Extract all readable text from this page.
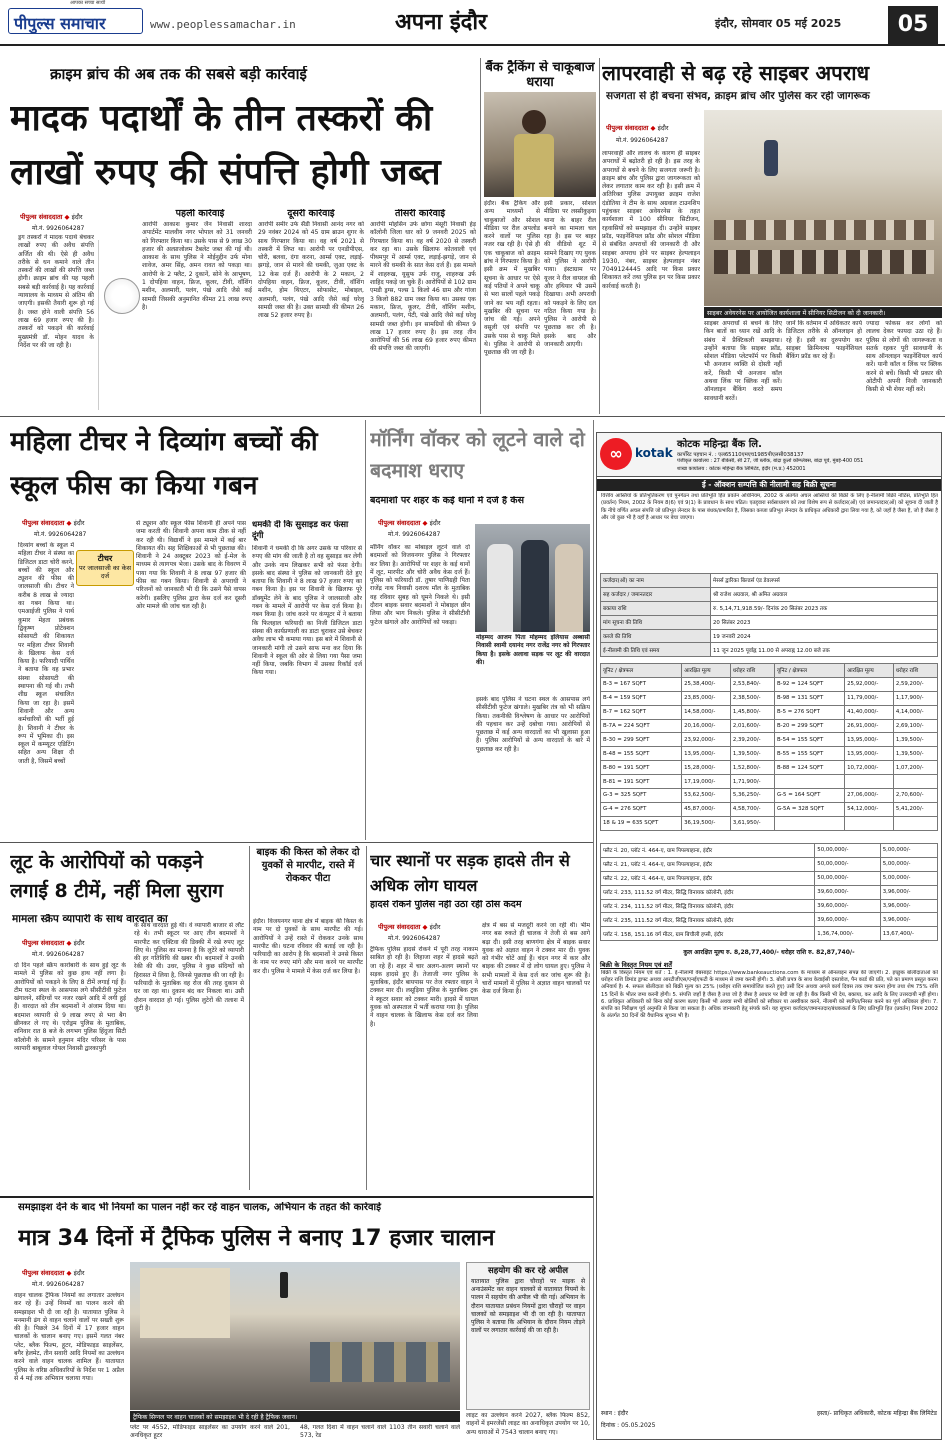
पीपुल्स समाचार
आपका सच्चा साथी
www.peoplessamachar.in	अपना इंदौर	इंदौर, सोमवार 05 मई 2025	05
क्राइम ब्रांच की अब तक की सबसे बड़ी कार्रवाई
मादक पदार्थों के तीन तस्करों की लाखों रुपए की संपत्ति होगी जब्त
पीपुल्स संवाददाता ◆ इंदौर
मो.नं. 9926064287

ड्रग तस्करों ने मादक पदार्थ बेचकर लाखों रुपए की अवैध संपत्ति अर्जित की थी। ऐसे ही अवैध तरीके से धन कमाने वाले तीन तस्करों की लाखों की संपत्ति जब्त होगी। क्राइम ब्रांच की यह पहली सबसे बड़ी कार्रवाई है। यह कार्रवाई न्यायालय के माध्यम से अंतिम की जाएगी। इसकी तैयारी शुरू हो गई है। जब्त होने वाली संपत्ति 56 लाख 69 हजार रुपए की है। तस्करों को पकड़ने की कार्रवाई मुख्यमंत्री डॉ. मोहन यादव के निर्देश पर की जा रही है।

पहली कार्रवाई

आरोपी आकाश कुमार जैन निवासी शारदा अपार्टमेंट मालवीय नगर भोपाल को 31 जनवरी को गिरफ्तार किया था। उसके पास से 9 लाख 30 हजार की अल्प्राजोलम टैबलेट जब्त की गई थी। आकाश के साथ पुलिस ने मोईनुद्दीन उर्फ मोना शावेज, अमर सिंह, अमन रावत को पकड़ा था। आरोपी के 2 फ्लैट, 2 दुकानें, सोने के आभूषण, 1 दोपहिया वाहन, फ्रिज, कूलर, टीवी, वॉशिंग मशीन, अलमारी, पलंग, पंखे आदि जैसे कई सामग्री जिसकी अनुमानित कीमत 21 लाख रुपए है।

दूसरी कार्रवाई

आरोपी समीर उर्फ सैंडी निवासी आनंद नगर को 29 नवंबर 2024 को 45 ग्राम ब्राउन शुगर के साथ गिरफ्तार किया था। वह वर्ष 2021 से तस्करी में लिप्त था। आरोपी पर एनडीपीएस, चोरी, बलवा, दंगा करना, आर्म्स एक्ट, लड़ाई-झगड़े, जान से मारने की धमकी, जुआ एक्ट के 12 केस दर्ज हैं। आरोपी के 2 मकान, 2 दोपहिया वाहन, फ्रिज, कूलर, टीवी, वॉशिंग मशीन, होम थिएटर, सोफासेट, मोबाइल, अलमारी, पलंग, पंखे आदि जैसे कई घरेलू सामग्री जब्त की है। उक्त सामग्री की कीमत 26 लाख 52 हजार रुपए है।

तीसरी कार्रवाई

आरोपी मोहसिन उर्फ छोगा मंसूरी निवासी हेड़ कॉलोनी जिला धार को 9 जनवरी 2025 को गिरफ्तार किया था। वह वर्ष 2020 से तस्करी कर रहा था। उसके खिलाफ कोतवाली एवं पीथमपुर में आर्म्स एक्ट, लड़ाई-झगड़े, जान से मारने की धमकी के सात केस दर्ज हैं। इस मामले में शाहरुख, यूसुफ उर्फ राजू, शाहरुख उर्फ शाहिद पकड़े जा चुके हैं। आरोपियों से 102 ग्राम एमडी ड्रग्स, पल्स 1 किलो 46 ग्राम और गांजा 3 किलो 882 ग्राम जब्त किया था। उसका एक मकान, फ्रिज, कूलर, टीवी, वॉशिंग मशीन, अलमारी, पलंग, पेटी, पंखे आदि जैसे कई घरेलू सामग्री जब्त होगी। इन सामग्रियों की कीमत 9 लाख 17 हजार रुपए है। इस तरह तीन आरोपियों की 56 लाख 69 हजार रुपए कीमत की संपत्ति जब्त की जाएगी।

बैंक ट्रैकिंग से चाकूबाज धराया

इंदौर। बैंक ट्रैकिंग और अन्य माध्यमों से चाकूबाजों और सोशल मीडिया पर रील अपलोड करने वालों पर पुलिस नजर रख रही है। ऐसे ही एक चाकूबाज को क्राइम ब्रांच ने गिरफ्तार किया है। इसी क्रम में मुखबिर सूचना के आधार पर ऐसे कई पतियों ने अपने चाकू से भरा सालों पहले पकड़े जाने का भय नहीं रहता। मुखबिर की सूचना पर जांच की गई। अपने वसूली एवं संपत्ति पर उसके पास से चाकू मिले थे। पुलिस ने आरोपी से पूछताछ की जा रही है।

इसी प्रकार, सोशल मीडिया पर लस्सीकुइया थाना के बाहर रील बनाने का मामला चल रहा है। इस पर बाहर की वीडियो शूट में सामने दिखाए गए युवक को पुलिस ने आरोपी पाया। इंस्टाग्राम पर यूजर ने रील वायरल की और हथियार भी उसमें दिखाया। अभी अपराधी को पकड़ने के लिए दल गठित किया गया है। पुलिस ने आरोपी से पूछताछ कर ली है। इसके बाद और जानकारी आएगी।

लापरवाही से बढ़ रहे साइबर अपराध
सजगता से ही बचना संभव, क्राइम ब्रांच और पुलिस कर रही जागरूक
पीपुल्स संवाददाता ◆ इंदौर
मो.नं. 9926064287

लापरवाही और लालच के कारण ही साइबर अपराधों में बढ़ोतरी हो रही है। इस तरह के अपराधों से बचने के लिए सजगता जरूरी है। क्राइम ब्रांच और पुलिस द्वारा जागरूकता को लेकर लगातार काम कर रही है। इसी क्रम में अतिरिक्त पुलिस उपायुक्त क्राइम राजेश दंडोतिया ने टीम के साथ अग्रवाल टाउनशिप पहुंचकर साइबर अवेयरनेस के तहत कार्यशाला में 100 सीनियर सिटीजन, रहवासियों को समझाइश दी। उन्होंने साइबर फ्रॉड, फाइनेंशियल फ्रॉड और सोशल मीडिया से संबंधित अपराधों की जानकारी दी और साइबर अपराध होने पर साइबर हेल्पलाइन 1930, नंबर, साइबर हेल्पलाइन नंबर 7049124445 आदि पर किस प्रकार शिकायत करें तथा पुलिस इन पर किस प्रकार कार्रवाई करती है।

साइबर अवेयरनेस पर आयोजित कार्यशाला में सीनियर सिटीजन को दी जानकारी।

साइबर अपराधों से बचने के लिए किन बातों का ध्यान रखें आदि के संबंध में प्रैक्टिकली समझाया। उन्होंने बताया कि साइबर फ्रॉड, सोशल मीडिया प्लेटफॉर्म पर किसी भी अनजान व्यक्ति से दोस्ती नहीं करें, किसी भी अनजान कॉल अथवा लिंक पर क्लिक नहीं करें। ऑनलाइन बैंकिंग करते समय सावधानी बरतें।

जानें कि वर्तमान में अधिकतर कार्य डिजिटल तरीके से ऑनलाइन हो रहे हैं। इसी का दुरुपयोग कर साइबर क्रिमिनल्स फाइनेंशियल बैंकिंग फ्रॉड कर रहे हैं।

ज्यादा फोकस कर लोगों को लालच देकर फायदा उठा रहे हैं। पुलिस से लोगों की जागरूकता व सतर्क रहकर पूरी सावधानी के साथ ऑनलाइन फाइनेंशियल कार्य करें। यानी कॉल व लिंक पर क्लिक करने से बचें। किसी भी प्रकार की ओटीपी अपनी निजी जानकारी किसी से भी शेयर नहीं करें।

महिला टीचर ने दिव्यांग बच्चों की स्कूल फीस का किया गबन
पीपुल्स संवाददाता ◆ इंदौर
मो.नं. 9926064287
टीचर
पर जालसाजी का केस दर्ज

दिव्यांग बच्चों के स्कूल में महिला टीचर ने संस्था का डिजिटल डाटा चोरी करने, बच्चों की स्कूल और ट्यूशन की फीस की जालसाजी की। टीचर ने करीब 8 लाख से ज्यादा का गबन किया था। एमआईजी पुलिस ने पार्थ कुमार मेहता प्रबंधक द्विकृष्ण प्रोटेक्शन सोसायटी की शिकायत पर महिला टीचर शिवानी के खिलाफ केस दर्ज किया है। फरियादी पार्थिव ने बताया कि वह प्रभार संस्था सोसायटी की स्थापना की गई थी। तभी शीघ्र स्कूल संचालित किया जा रहा है। इसमें शिवानी और अन्य कर्मचारियों की भर्ती हुई है। शिवानी ने टीचर के रूप में भूमिका दी। इस स्कूल में कम्प्यूटर एडिटिंग सहित अन्य शिक्षा दी जाती है, जिसमें बच्चों

से ट्यूशन और स्कूल फीस शिवानी ही अपने पास जमा करती थी। शिवानी अपना काम ठीक से नहीं कर रही थी। विद्यार्थी ने इस मामले में कई बार शिकायत की। सह शिक्षिकाओं से भी पूछताछ की। शिवानी ने 24 अक्टूबर 2023 को ई-मेल के माध्यम से त्यागपत्र भेजा। उसके बाद के विवरण में पाया गया कि शिवानी ने 8 लाख 97 हजार की फीस का गबन किया। शिवानी से अपराधी ने परिजनों को जानकारी भी दी कि उसने पैसे वापस करेगी। इसलिए पुलिस द्वारा केस दर्ज कर दूसरी ओर मामले की जांच चल रही है।

धमकी दी कि सुसाइड कर फंसा दूंगी

शिवानी ने धमकी दी कि अगर उसके या परिवार से रुपए की मांग की जाती है तो वह सुसाइड कर लेगी और उनके नाम लिखकर सभी को फंसा देगी। इसके बाद संस्था ने पुलिस को जानकारी देते हुए बताया कि शिवानी ने 8 लाख 97 हजार रुपए का गबन किया है। इस पर शिवानी के खिलाफ पूरे डॉक्यूमेंट लेने के बाद पुलिस ने जालसाजी और गबन के मामले में आरोपी पर केस दर्ज किया है। गबन किया है। जांच करने पर कंप्यूटर में ने बताया कि फिलहाल फरियादी का निजी डिजिटल डाटा संस्था की कार्यप्रणाली का डाटा चुराकर उसे बेचकर अवैध लाभ भी कमाया गया। इस बारे में शिवानी से जानकारी मांगी तो उसने साफ मना कर दिया कि शिवानी ने स्कूल की ओर से लिया गया पैसा जमा नहीं किया, जबकि विभाग में उसका रिकॉर्ड दर्ज किया गया।

मॉर्निंग वॉकर को लूटने वाले दो बदमाश धराए
बदमाशों पर शहर के कई थानों में दर्ज है केस
पीपुल्स संवाददाता ◆ इंदौर
मो.नं. 9926064287

मॉर्निंग वॉकर का मोबाइल लूटने वाले दो बदमाशों को विजयनगर पुलिस ने गिरफ्तार कर लिया है। आरोपियों पर शहर के कई थानों में लूट, मारपीट और चोरी अवैध केस दर्ज हैं। पुलिस को फरियादी डॉ. तुषार पाणिग्रही पिता राजेंद्र नाथ निवासी दशरथ मॉल के मुताबिक वह रविवार सुबह को घूमने निकले थे। इसी दौरान बाइक सवार बदमाशों ने मोबाइल छीन लिया और भाग निकले। पुलिस ने सीसीटीवी फुटेज खंगाले और आरोपियों को पकड़ा।

मोहम्मद आजम पिता मोहम्मद इलियास अब्बासी निवासी स्वामी दयानंद नगर राजेंद्र नगर को गिरफ्तार किया है। इसके अलावा सड़क पर लूट की वारदात की।

इसके बाद पुलिस ने घटना स्थल के आसपास लगे सीसीटीवी फुटेज खंगाले। मुखबिर तंत्र को भी सक्रिय किया। तकनीकी विश्लेषण के आधार पर आरोपियों की पहचान कर उन्हें दबोचा गया। आरोपियों से पूछताछ में कई अन्य वारदातों का भी खुलासा हुआ है। पुलिस आरोपियों से अन्य वारदातों के बारे में पूछताछ कर रही है।

∞	kotak
कोटक महिन्द्रा बैंक लि.
कार्पोरेट पहचान नं. : एल65110एमएच1985पीएलसी038137
पंजीकृत कार्यालय : 27 बीकेसी, सी 27, जी ब्लॉक, बांद्रा कुर्ला कॉम्प्लेक्स, बांद्रा पूर्व, मुंबई-400 051
शाखा कार्यालय : कोटक महिन्द्रा बैंक लिमिटेड, इंदौर (म.प्र.) 452001
ई - ऑक्शन सम्पत्ति की नीलामी सह बिक्री सूचना

वित्तीय आस्तियों के प्रतिभूतिकरण एवं पुनर्गठन तथा प्रतिभूति हित प्रवर्तन अधिनियम, 2002 के अंतर्गत अचल आस्तियों की बिक्री के लिए ई-नीलामी बिक्री नोटिस, प्रतिभूति हित (प्रवर्तन) नियम, 2002 के नियम 8(6) एवं 9(1) के प्रावधान के साथ पठित। एतद्द्वारा सर्वसाधारण को तथा विशेष रूप से कर्जदार(ओं) एवं जमानतदार(ओं) को सूचना दी जाती है कि नीचे वर्णित अचल संपत्ति जो प्रतिभूत लेनदार के पास बंधक/प्रभारित है, जिसका कब्जा प्रतिभूत लेनदार के प्राधिकृत अधिकारी द्वारा लिया गया है, को जहाँ है जैसा है, जो है जैसा है और जो कुछ भी है वहाँ है आधार पर बेचा जाएगा।

कर्जदार(ओं) का नाम	मेसर्स द्वारिका बिल्डर्स एंड डेवलपर्स
सह कर्जदार / जमानतदार	श्री राजेश अग्रवाल, श्री अमित अग्रवाल
बकाया राशि	रु. 5,14,71,918.59/- दिनांक 20 सितंबर 2023 तक
मांग सूचना की तिथि	20 सितंबर 2023
कब्जे की तिथि	19 जनवरी 2024
ई-नीलामी की तिथि एवं समय	11 जून 2025 पूर्वाह्न 11.00 से अपराह्न 12.00 बजे तक
यूनिट / क्षेत्रफल	आरक्षित मूल्य	धरोहर राशि	यूनिट / क्षेत्रफल	आरक्षित मूल्य	धरोहर राशि
B-3 = 167 SQFT	25,38,400/-	2,53,840/-	B-92 = 124 SQFT	25,92,000/-	2,59,200/-
B-4 = 159 SQFT	23,85,000/-	2,38,500/-	B-98 = 131 SQFT	11,79,000/-	1,17,900/-
B-7 = 162 SQFT	14,58,000/-	1,45,800/-	B-5 = 276 SQFT	41,40,000/-	4,14,000/-
B-7A = 224 SQFT	20,16,000/-	2,01,600/-	B-20 = 299 SQFT	26,91,000/-	2,69,100/-
B-30 = 299 SQFT	23,92,000/-	2,39,200/-	B-54 = 155 SQFT	13,95,000/-	1,39,500/-
B-48 = 155 SQFT	13,95,000/-	1,39,500/-	B-55 = 155 SQFT	13,95,000/-	1,39,500/-
B-80 = 191 SQFT	15,28,000/-	1,52,800/-	B-88 = 124 SQFT	10,72,000/-	1,07,200/-
B-81 = 191 SQFT	17,19,000/-	1,71,900/-			
G-3 = 325 SQFT	53,62,500/-	5,36,250/-	G-5 = 164 SQFT	27,06,000/-	2,70,600/-
G-4 = 276 SQFT	45,87,000/-	4,58,700/-	G-5A = 328 SQFT	54,12,000/-	5,41,200/-
18 & 19 = 635 SQFT	36,19,500/-	3,61,950/-			
फ्लैट नं. 20, प्लॉट नं. 464-ए, ग्राम पिपल्याहाना, इंदौर	50,00,000/-	5,00,000/-
फ्लैट नं. 21, प्लॉट नं. 464-ए, ग्राम पिपल्याहाना, इंदौर	50,00,000/-	5,00,000/-
फ्लैट नं. 22, प्लॉट नं. 464-ए, ग्राम पिपल्याहाना, इंदौर	50,00,000/-	5,00,000/-
प्लॉट नं. 233, 111.52 वर्ग मीटर, सिद्धि विनायक कॉलोनी, इंदौर	39,60,000/-	3,96,000/-
प्लॉट नं. 234, 111.52 वर्ग मीटर, सिद्धि विनायक कॉलोनी, इंदौर	39,60,000/-	3,96,000/-
प्लॉट नं. 235, 111.52 वर्ग मीटर, सिद्धि विनायक कॉलोनी, इंदौर	39,60,000/-	3,96,000/-
प्लॉट नं. 158, 151.16 वर्ग मीटर, ग्राम बिचौली हप्सी, इंदौर	1,36,74,000/-	13,67,400/-
कुल आरक्षित मूल्य रु. 8,28,77,400/- धरोहर राशि रु. 82,87,740/-
बिक्री के विस्तृत नियम एवं शर्तें

बिक्री के विस्तृत नियम एवं शर्तें : 1. ई-नीलामी वेबसाइट https://www.bankeauctions.com के माध्यम से ऑनलाइन संपन्न की जाएगी। 2. इच्छुक बोलीदाताओं को धरोहर राशि डिमांड ड्राफ्ट अथवा आरटीजीएस/एनईएफटी के माध्यम से जमा करनी होगी। 3. बोली प्रपत्र के साथ केवाईसी दस्तावेज, पैन कार्ड की प्रति, पते का प्रमाण प्रस्तुत करना अनिवार्य है। 4. सफल बोलीदाता को बिक्री मूल्य का 25% (धरोहर राशि समायोजित करते हुए) उसी दिन अथवा अगले कार्य दिवस तक जमा करना होगा तथा शेष 75% राशि 15 दिनों के भीतर जमा करनी होगी। 5. संपत्ति जहाँ है जैसा है तथा जो है जैसा है आधार पर बेची जा रही है। बैंक किसी भी देय, बकाया, कर आदि के लिए उत्तरदायी नहीं होगा। 6. प्राधिकृत अधिकारी को बिना कोई कारण बताए किसी भी अथवा सभी बोलियों को स्वीकार या अस्वीकार करने, नीलामी को स्थगित/निरस्त करने का पूर्ण अधिकार होगा। 7. संपत्ति का निरीक्षण पूर्व अनुमति से किया जा सकता है। अधिक जानकारी हेतु संपर्क करें। यह सूचना कर्जदार/जमानतदार/बंधककर्ता के लिए प्रतिभूति हित (प्रवर्तन) नियम 2002 के अंतर्गत 30 दिनों की वैधानिक सूचना भी है।

स्थान : इंदौर
दिनांक : 05.05.2025
हस्ता/- प्राधिकृत अधिकारी, कोटक महिन्द्रा बैंक लिमिटेड
लूट के आरोपियों को पकड़ने लगाई 8 टीमें, नहीं मिला सुराग
मामला स्क्रैप व्यापारी के साथ वारदात का
पीपुल्स संवाददाता ◆ इंदौर
मो.नं. 9926064287

दो दिन पहले स्क्रैप कारोबारी के साथ हुई लूट के मामले में पुलिस को कुछ हाथ नहीं लगा है। आरोपियों को पकड़ने के लिए 8 टीमें लगाई गई हैं। टीम घटना स्थल के आसपास लगे सीसीटीवी फुटेज खंगालने, संदिग्धों पर नजर रखने आदि में लगी हुई हैं। वारदात को तीन बदमाशों ने अंजाम दिया था। बदमाश व्यापारी से 9 लाख रुपए से भरा बैग छीनकर ले गए थे। एरोड्रम पुलिस के मुताबिक, शनिवार रात 8 बजे के लगभग पुलिस हिंदुजा सिटी कॉलोनी के सामने हनुमान मंदिर परिसर के पास व्यापारी बाबूलाल गोयल निवासी द्वारकापुरी

के साथ वारदात हुई थी। वे व्यापारी बाजार से लौट रहे थे। तभी स्कूटर पर आए तीन बदमाशों ने मारपीट कर एक्टिवा की डिक्की में रखे रुपए लूट लिए थे। पुलिस का मानना है कि लुटेरे को व्यापारी की हर गतिविधि की खबर थी। बदमाशों ने उनकी रेकी की थी। उधर, पुलिस ने कुछ संदिग्धों को हिरासत में लिया है, जिनसे पूछताछ की जा रही है। फरियादी के मुताबिक वह रोज की तरह दुकान से घर जा रहा था। दुकान बंद कर निकला था। उसी दौरान वारदात हो गई। पुलिस लुटेरों की तलाश में जुटी है।

बाइक की किस्त को लेकर दो युवकों से मारपीट, रास्ते में रोककर पीटा

इंदौर। विजयनगर थाना क्षेत्र में बाइक की किस्त के नाम पर दो युवकों के साथ मारपीट की गई। आरोपियों ने उन्हें रास्ते में रोककर उनके साथ मारपीट की। घटना रविवार की बताई जा रही है। फरियादी का आरोप है कि बदमाशों ने उनसे किस्त के नाम पर रुपए मांगे और मना करने पर मारपीट कर दी। पुलिस ने मामले में केस दर्ज कर लिया है।

चार स्थानों पर सड़क हादसे तीन से अधिक लोग घायल
हादसे रोकने पुलिस नहीं उठा रही ठोस कदम
पीपुल्स संवाददाता ◆ इंदौर
मो.नं. 9926064287

ट्रैफिक पुलिस हादसे रोकने में पूरी तरह नाकाम साबित हो रही है। लिहाजा शहर में हादसे बढ़ते जा रहे हैं। शहर में चार अलग-अलग स्थानों पर सड़क हादसे हुए हैं। तेजाजी नगर पुलिस के मुताबिक, इंदौर बायपास पर तेज रफ्तार वाहन ने टक्कर मार दी। लसूड़िया पुलिस के मुताबिक ट्रक ने स्कूटर सवार को टक्कर मारी। हादसे में घायल युवक को अस्पताल में भर्ती कराया गया है। पुलिस ने वाहन चालक के खिलाफ केस दर्ज कर लिया है।

क्षेत्र में बस से मजदूरी करने जा रही थी। भीम नगर बस रुकते ही चालक ने तेजी से बस आगे बढ़ा दी। इसी तरह बाणगंगा क्षेत्र में बाइक सवार युवक को अज्ञात वाहन ने टक्कर मार दी। युवक को गंभीर चोटें आई हैं। चंदन नगर में कार और बाइक की टक्कर में दो लोग घायल हुए। पुलिस ने सभी मामलों में केस दर्ज कर जांच शुरू की है। चारों मामलों में पुलिस ने अज्ञात वाहन चालकों पर केस दर्ज किया है।

समझाइश देने के बाद भी नियमों का पालन नहीं कर रहे वाहन चालक, अभियान के तहत की कार्रवाई
मात्र 34 दिनों में ट्रैफिक पुलिस ने बनाए 17 हजार चालान
पीपुल्स संवाददाता ◆ इंदौर
मो.नं. 9926064287

वाहन चालक ट्रैफिक नियमों का लगातार उल्लंघन कर रहे हैं। उन्हें नियमों का पालन करने की समझाइश भी दी जा रही है। यातायात पुलिस ने मनमानी ढंग से वाहन चलाने वालों पर सख्ती शुरू की है। पिछले 34 दिनों में 17 हजार वाहन चालकों के चालान बनाए गए। इसमें गलत नंबर प्लेट, ब्लैक फिल्म, हूटर, मोडिफाइड साइलेंसर, बगैर हेलमेट, तीन सवारी आदि नियमों का उल्लंघन करने वाले वाहन चालक शामिल हैं। यातायात पुलिस के वरिष्ठ अधिकारियों के निर्देश पर 1 अप्रैल से 4 मई तक अभियान चलाया गया।

ट्रैफिक सिग्नल पर वाहन चालकों को समझाइश भी दे रही है ट्रैफिक जवान।

प्लेट पर 4552, मोडिफाइड साइलेंसर का उपयोग करने वाले 201, अनधिकृत हूटर

48, गलत दिशा में वाहन चलाने वाले 1103 तीन सवारी चलाने वाले 573, रेड

सहयोग की कर रहे अपील

यातायात पुलिस द्वारा चौराहों पर माइक से अनाउंसमेंट कर वाहन चालकों से यातायात नियमों के पालन में सहयोग की अपील भी की गई। अभियान के दौरान यातायात प्रबंधन नियमों द्वारा चौराहों पर वाहन चालकों को समझाइश भी दी जा रही है। यातायात पुलिस ने बताया कि अभियान के दौरान नियम तोड़ने वालों पर लगातार कार्रवाई की जा रही है।

लाइट का उल्लंघन करने 2027, ब्लैक फिल्म 852, वाहनों में इमरजेंसी लाइट का अनाधिकृत उपयोग पर 10, अन्य धाराओं में 7543 चालान बनाए गए।
